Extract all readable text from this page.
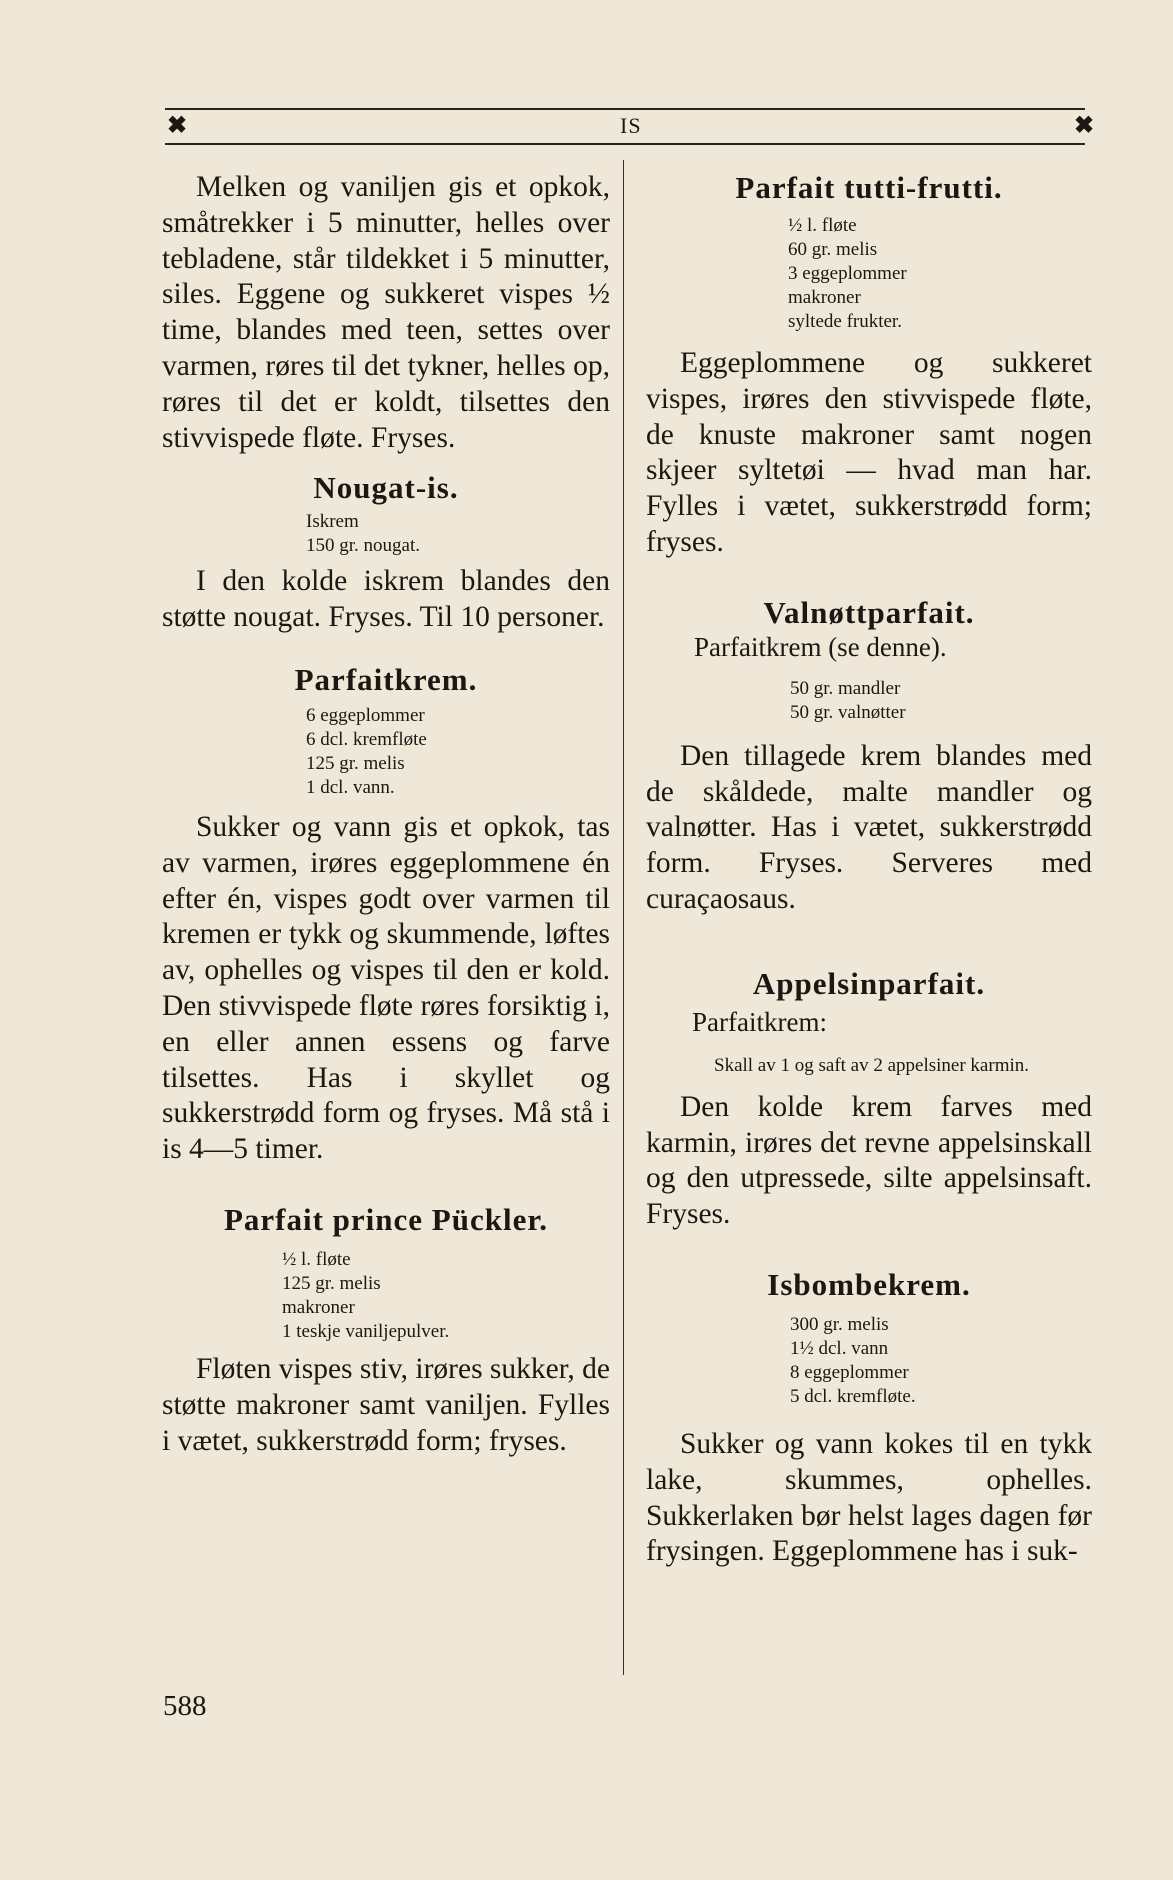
✖	IS	✖

Melken og vaniljen gis et opkok, småtrekker i 5 minutter, helles over tebladene, står tildekket i 5 minutter, siles. Eggene og sukkeret vispes ½ time, blandes med teen, settes over varmen, røres til det tykner, helles op, røres til det er koldt, tilsettes den stivvispede fløte. Fryses.

Nougat-is.

Iskrem

150 gr. nougat.

I den kolde iskrem blandes den støtte nougat. Fryses. Til 10 personer.

Parfaitkrem.
6 eggeplommer
6 dcl. kremfløte
125 gr. melis
1 dcl. vann.

Sukker og vann gis et opkok, tas av varmen, irøres eggeplommene én efter én, vispes godt over varmen til kremen er tykk og skummende, løftes av, ophelles og vispes til den er kold. Den stivvispede fløte røres forsiktig i, en eller annen essens og farve tilsettes. Has i skyllet og sukkerstrødd form og fryses. Må stå i is 4—5 timer.

Parfait prince Pückler.
½ l. fløte
125 gr. melis
makroner
1 teskje vaniljepulver.

Fløten vispes stiv, irøres sukker, de støtte makroner samt vaniljen. Fylles i vætet, sukkerstrødd form; fryses.

Parfait tutti-frutti.
½ l. fløte
60 gr. melis
3 eggeplommer
makroner
syltede frukter.

Eggeplommene og sukkeret vispes, irøres den stivvispede fløte, de knuste makroner samt nogen skjeer syltetøi — hvad man har. Fylles i vætet, sukkerstrødd form; fryses.

Valnøttparfait.

Parfaitkrem (se denne).

50 gr. mandler
50 gr. valnøtter

Den tillagede krem blandes med de skåldede, malte mandler og valnøtter. Has i vætet, sukkerstrødd form. Fryses. Serveres med curaçaosaus.

Appelsinparfait.

Parfaitkrem:

Skall av 1 og saft av 2 appelsiner karmin.

Den kolde krem farves med karmin, irøres det revne appelsinskall og den utpressede, silte appelsinsaft. Fryses.

Isbombekrem.
300 gr. melis
1½ dcl. vann
8 eggeplommer
5 dcl. kremfløte.

Sukker og vann kokes til en tykk lake, skummes, ophelles. Sukkerlaken bør helst lages dagen før frysingen. Eggeplommene has i suk-

588
